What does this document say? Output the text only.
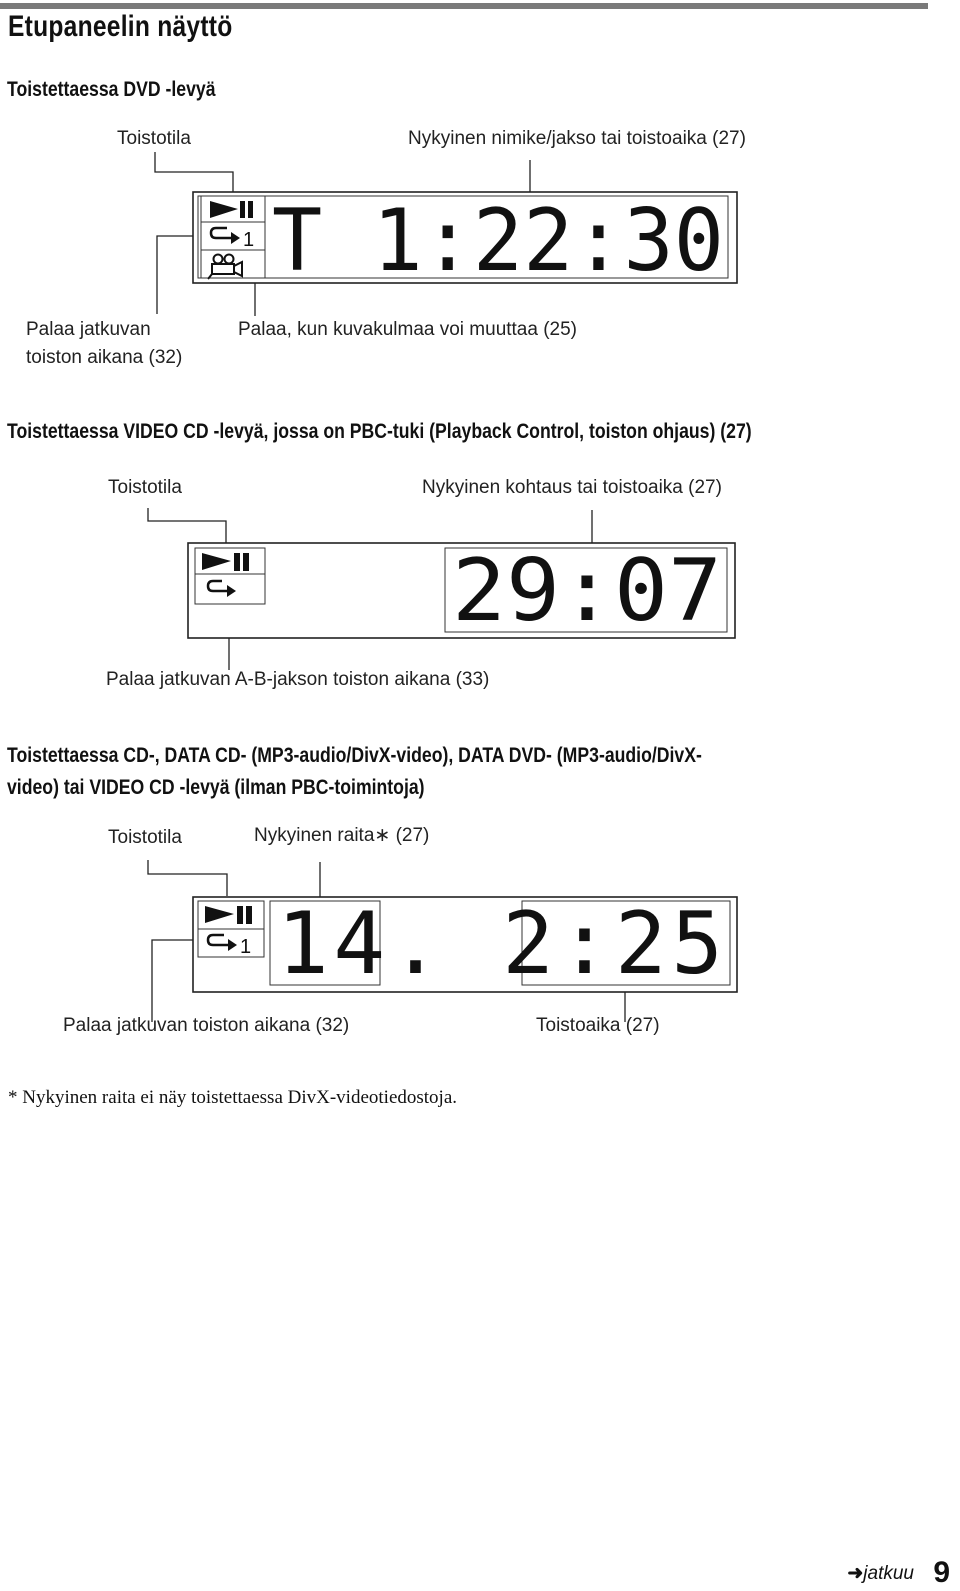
Etupaneelin näyttö
Toistettaessa DVD -levyä
Toistotila	Nykyinen nimike/jakso tai toistoaika (27)
Palaa jatkuvan
toiston aikana (32)
Palaa, kun kuvakulmaa voi muuttaa (25)
1 T 1:22:30
29:07
1 14. 2:25
Toistettaessa VIDEO CD -levyä, jossa on PBC-tuki (Playback Control, toiston ohjaus) (27)
Toistotila	Nykyinen kohtaus tai toistoaika (27)
Palaa jatkuvan A-B-jakson toiston aikana (33)
Toistettaessa CD-, DATA CD- (MP3-audio/DivX-video), DATA DVD- (MP3-audio/DivX-
video) tai VIDEO CD -levyä (ilman PBC-toimintoja)
Toistotila	Nykyinen raita∗ (27)
Palaa jatkuvan toiston aikana (32)	Toistoaika (27)
* Nykyinen raita ei näy toistettaessa DivX-videotiedostoja.
➜jatkuu 9
